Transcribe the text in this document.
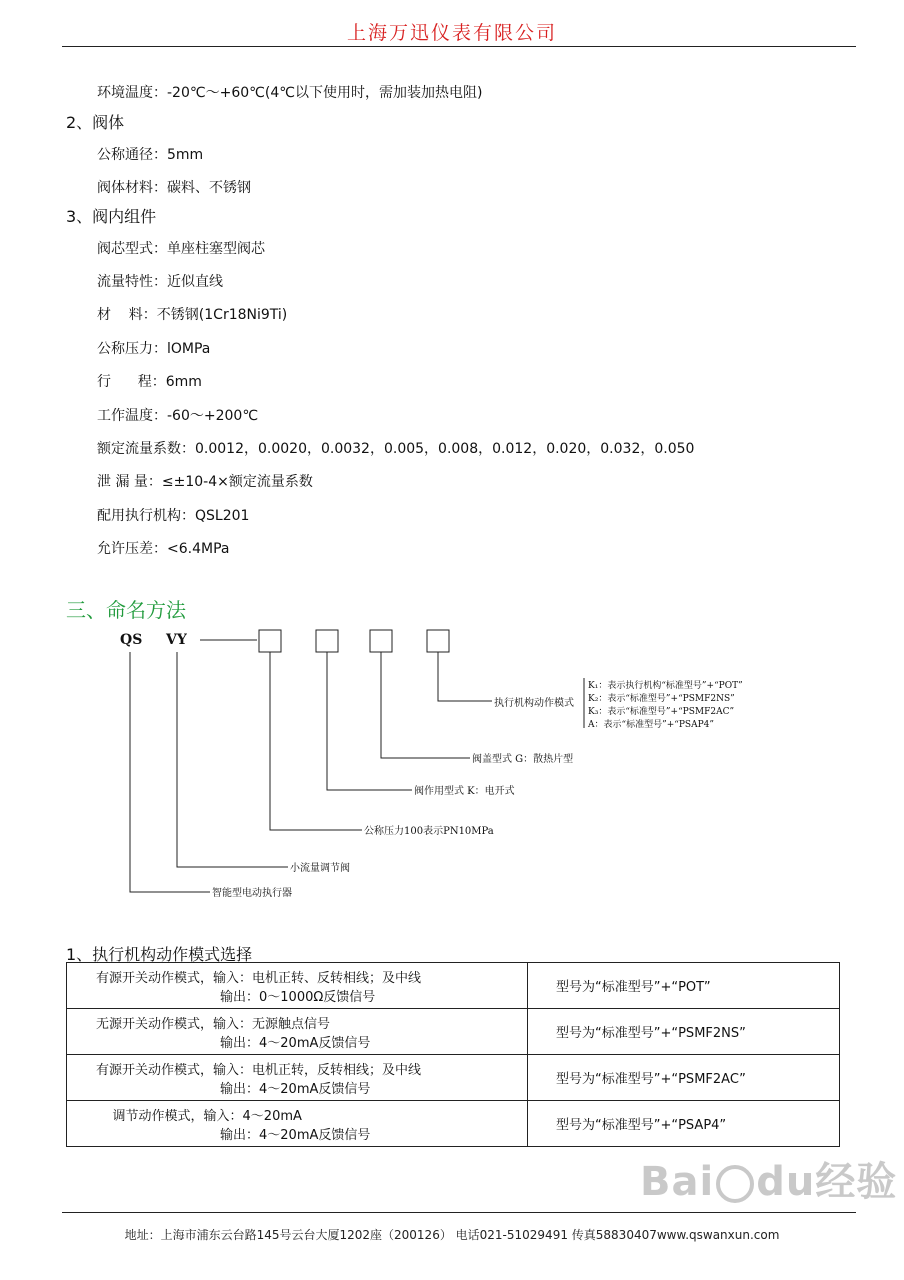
上海万迅仪表有限公司
环境温度：-20℃～+60℃(4℃以下使用时，需加装加热电阻)
2、阀体
公称通径：5mm
阀体材料：碳料、不锈钢
3、阀内组件
阀芯型式：单座柱塞型阀芯
流量特性：近似直线
材    料：不锈钢(1Cr18Ni9Ti)
公称压力：lOMPa
行      程：6mm
工作温度：-60～+200℃
额定流量系数：0.0012，0.0020，0.0032，0.005，0.008，0.012，0.020，0.032，0.050
泄 漏 量：≤±10-4×额定流量系数
配用执行机构：QSL201
允许压差：<6.4MPa
三、命名方法
QS VY
执行机构动作模式
K₁：表示执行机构“标准型号”+“POT”
K₂：表示“标准型号”+“PSMF2NS”
K₃：表示“标准型号”+“PSMF2AC”
A：表示“标准型号”+“PSAP4”
阀盖型式 G：散热片型
阀作用型式 K：电开式
公称压力100表示PN10MPa
小流量调节阀
智能型电动执行器
1、执行机构动作模式选择
有源开关动作模式，输入：电机正转、反转相线；及中线
输出：0～1000Ω反馈信号	型号为“标准型号”+“POT”

无源开关动作模式，输入：无源触点信号
输出：4～20mA反馈信号	型号为“标准型号”+“PSMF2NS”

有源开关动作模式，输入：电机正转，反转相线；及中线
输出：4～20mA反馈信号	型号为“标准型号”+“PSMF2AC”

调节动作模式，输入：4～20mA
输出：4～20mA反馈信号	型号为“标准型号”+“PSAP4”
Bai du经验
地址：上海市浦东云台路145号云台大厦1202座（200126） 电话021-51029491 传真58830407www.qswanxun.com
